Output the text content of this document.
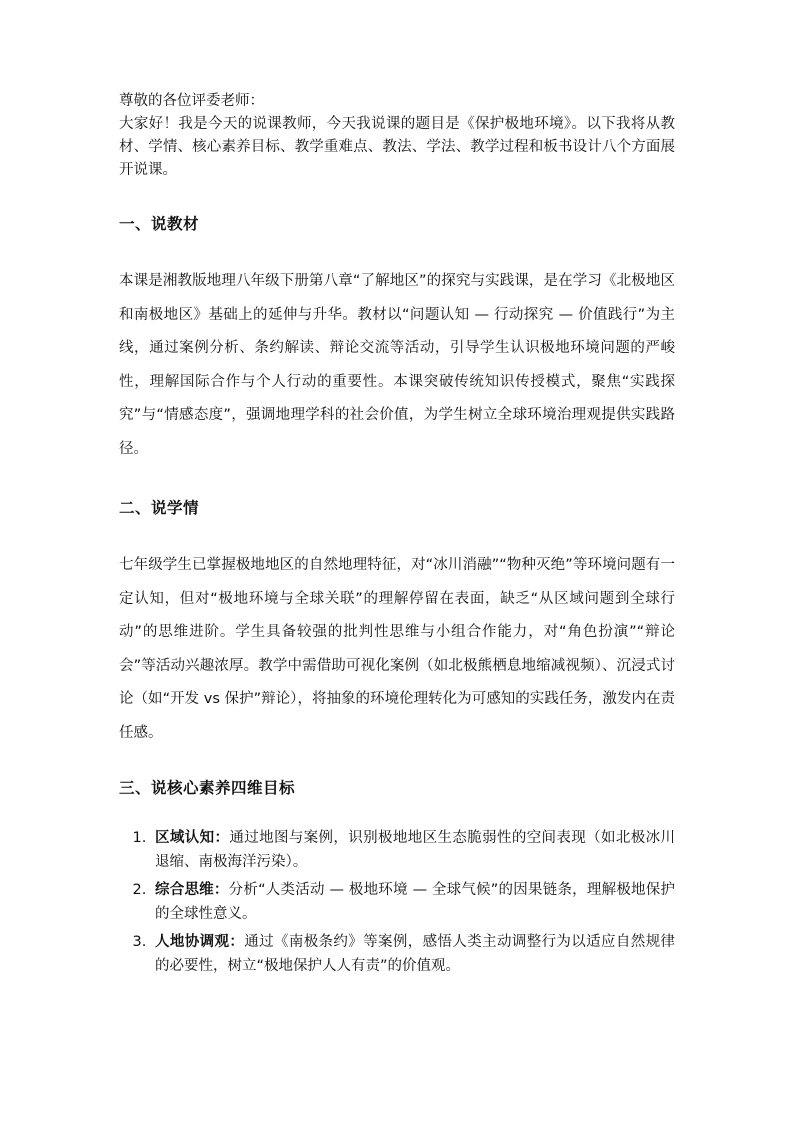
尊敬的各位评委老师：

大家好！我是今天的说课教师，今天我说课的题目是《保护极地环境》。以下我将从教材、学情、核心素养目标、教学重难点、教法、学法、教学过程和板书设计八个方面展开说课。

一、说教材

本课是湘教版地理八年级下册第八章“了解地区”的探究与实践课，是在学习《北极地区和南极地区》基础上的延伸与升华。教材以“问题认知 — 行动探究 — 价值践行”为主线，通过案例分析、条约解读、辩论交流等活动，引导学生认识极地环境问题的严峻性，理解国际合作与个人行动的重要性。本课突破传统知识传授模式，聚焦“实践探究”与“情感态度”，强调地理学科的社会价值，为学生树立全球环境治理观提供实践路径。

二、说学情

七年级学生已掌握极地地区的自然地理特征，对“冰川消融”“物种灭绝”等环境问题有一定认知，但对“极地环境与全球关联”的理解停留在表面，缺乏“从区域问题到全球行动”的思维进阶。学生具备较强的批判性思维与小组合作能力，对“角色扮演”“辩论会”等活动兴趣浓厚。教学中需借助可视化案例（如北极熊栖息地缩减视频）、沉浸式讨论（如“开发 vs 保护”辩论），将抽象的环境伦理转化为可感知的实践任务，激发内在责任感。

三、说核心素养四维目标
1. 区域认知：通过地图与案例，识别极地地区生态脆弱性的空间表现（如北极冰川退缩、南极海洋污染）。
2. 综合思维：分析“人类活动 — 极地环境 — 全球气候”的因果链条，理解极地保护的全球性意义。
3. 人地协调观：通过《南极条约》等案例，感悟人类主动调整行为以适应自然规律的必要性，树立“极地保护人人有责”的价值观。
